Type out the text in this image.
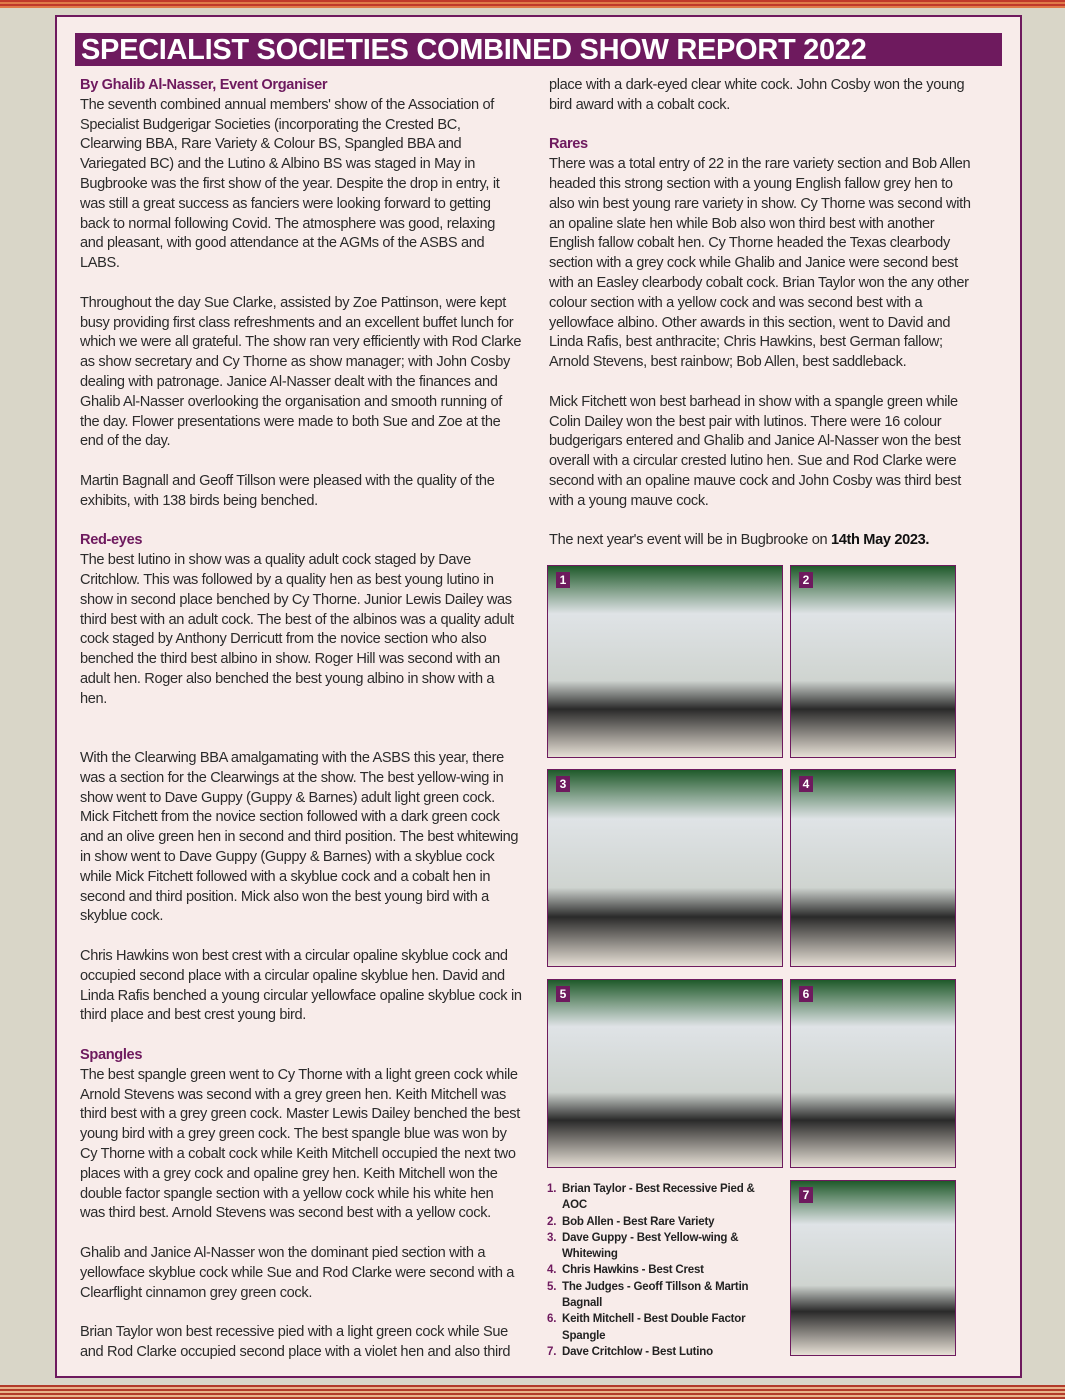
SPECIALIST SOCIETIES COMBINED SHOW REPORT 2022
By Ghalib Al-Nasser, Event Organiser

The seventh combined annual members' show of the Association of Specialist Budgerigar Societies (incorporating the Crested BC, Clearwing BBA, Rare Variety & Colour BS, Spangled BBA and Variegated BC) and the Lutino & Albino BS was staged in May in Bugbrooke was the first show of the year. Despite the drop in entry, it was still a great success as fanciers were looking forward to getting back to normal following Covid. The atmosphere was good, relaxing and pleasant, with good attendance at the AGMs of the ASBS and LABS.

Throughout the day Sue Clarke, assisted by Zoe Pattinson, were kept busy providing first class refreshments and an excellent buffet lunch for which we were all grateful. The show ran very efficiently with Rod Clarke as show secretary and Cy Thorne as show manager; with John Cosby dealing with patronage. Janice Al-Nasser dealt with the finances and Ghalib Al-Nasser overlooking the organisation and smooth running of the day. Flower presentations were made to both Sue and Zoe at the end of the day.

Martin Bagnall and Geoff Tillson were pleased with the quality of the exhibits, with 138 birds being benched.

Red-eyes

The best lutino in show was a quality adult cock staged by Dave Critchlow. This was followed by a quality hen as best young lutino in show in second place benched by Cy Thorne. Junior Lewis Dailey was third best with an adult cock. The best of the albinos was a quality adult cock staged by Anthony Derricutt from the novice section who also benched the third best albino in show. Roger Hill was second with an adult hen. Roger also benched the best young albino in show with a hen.

With the Clearwing BBA amalgamating with the ASBS this year, there was a section for the Clearwings at the show. The best yellow-wing in show went to Dave Guppy (Guppy & Barnes) adult light green cock. Mick Fitchett from the novice section followed with a dark green cock and an olive green hen in second and third position. The best whitewing in show went to Dave Guppy (Guppy & Barnes) with a skyblue cock while Mick Fitchett followed with a skyblue cock and a cobalt hen in second and third position. Mick also won the best young bird with a skyblue cock.

Chris Hawkins won best crest with a circular opaline skyblue cock and occupied second place with a circular opaline skyblue hen. David and Linda Rafis benched a young circular yellowface opaline skyblue cock in third place and best crest young bird.

Spangles

The best spangle green went to Cy Thorne with a light green cock while Arnold Stevens was second with a grey green hen. Keith Mitchell was third best with a grey green cock. Master Lewis Dailey benched the best young bird with a grey green cock. The best spangle blue was won by Cy Thorne with a cobalt cock while Keith Mitchell occupied the next two places with a grey cock and opaline grey hen. Keith Mitchell won the double factor spangle section with a yellow cock while his white hen was third best. Arnold Stevens was second best with a yellow cock.

Ghalib and Janice Al-Nasser won the dominant pied section with a yellowface skyblue cock while Sue and Rod Clarke were second with a Clearflight cinnamon grey green cock.

Brian Taylor won best recessive pied with a light green cock while Sue and Rod Clarke occupied second place with a violet hen and also third

place with a dark-eyed clear white cock. John Cosby won the young bird award with a cobalt cock.

Rares

There was a total entry of 22 in the rare variety section and Bob Allen headed this strong section with a young English fallow grey hen to also win best young rare variety in show. Cy Thorne was second with an opaline slate hen while Bob also won third best with another English fallow cobalt hen. Cy Thorne headed the Texas clearbody section with a grey cock while Ghalib and Janice were second best with an Easley clearbody cobalt cock. Brian Taylor won the any other colour section with a yellow cock and was second best with a yellowface albino. Other awards in this section, went to David and Linda Rafis, best anthracite; Chris Hawkins, best German fallow; Arnold Stevens, best rainbow; Bob Allen, best saddleback.

Mick Fitchett won best barhead in show with a spangle green while Colin Dailey won the best pair with lutinos. There were 16 colour budgerigars entered and Ghalib and Janice Al-Nasser won the best overall with a circular crested lutino hen. Sue and Rod Clarke were second with an opaline mauve cock and John Cosby was third best with a young mauve cock.

The next year's event will be in Bugbrooke on 14th May 2023.

1	2
3	4
5	6
7
1. Brian Taylor - Best Recessive Pied & AOC
2. Bob Allen - Best Rare Variety
3. Dave Guppy - Best Yellow-wing & Whitewing
4. Chris Hawkins - Best Crest
5. The Judges - Geoff Tillson & Martin Bagnall
6. Keith Mitchell - Best Double Factor Spangle
7. Dave Critchlow - Best Lutino
